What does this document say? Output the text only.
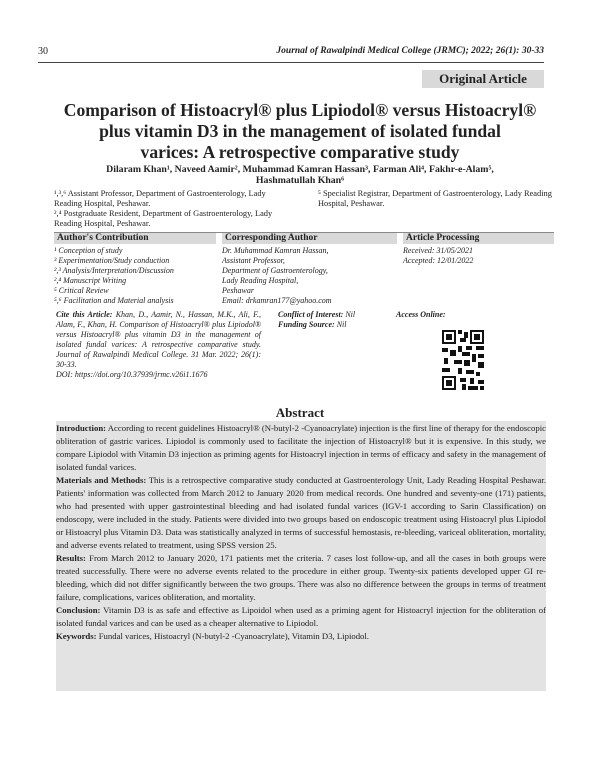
30	Journal of Rawalpindi Medical College (JRMC); 2022; 26(1): 30-33
Original Article
Comparison of Histoacryl® plus Lipiodol® versus Histoacryl®
plus vitamin D3 in the management of isolated fundal
varices: A retrospective comparative study
Dilaram Khan¹, Naveed Aamir², Muhammad Kamran Hassan³, Farman Ali⁴, Fakhr-e-Alam⁵,
Hashmatullah Khan⁶
¹,³,⁶ Assistant Professor, Department of Gastroenterology, Lady Reading Hospital, Peshawar.
²,⁴ Postgraduate Resident, Department of Gastroenterology, Lady Reading Hospital, Peshawar.
⁵ Specialist Registrar, Department of Gastroenterology, Lady Reading Hospital, Peshawar.
Author's Contribution
¹ Conception of study
³ Experimentation/Study conduction
²,³ Analysis/Interpretation/Discussion
²,⁴ Manuscript Writing
⁵ Critical Review
⁵,⁶ Facilitation and Material analysis
Corresponding Author
Dr. Muhammad Kamran Hassan,
Assistant Professor,
Department of Gastroenterology,
Lady Reading Hospital,
Peshawar
Email: drkamran177@yahoo.com
Article Processing
Received: 31/05/2021
Accepted: 12/01/2022
Cite this Article: Khan, D., Aamir, N., Hassan, M.K., Ali, F., Alam, F., Khan, H. Comparison of Histoacryl® plus Lipiodol® versus Histoacryl® plus vitamin D3 in the management of isolated fundal varices: A retrospective comparative study. Journal of Rawalpindi Medical College. 31 Mar. 2022; 26(1): 30-33.
DOI: https://doi.org/10.37939/jrmc.v26i1.1676
Conflict of Interest: Nil
Funding Source: Nil
Access Online:
Abstract

Introduction: According to recent guidelines Histoacryl® (N-butyl-2 -Cyanoacrylate) injection is the first line of therapy for the endoscopic obliteration of gastric varices. Lipiodol is commonly used to facilitate the injection of Histoacryl® but it is expensive. In this study, we compare Lipiodol with Vitamin D3 injection as priming agents for Histoacryl injection in terms of efficacy and safety in the management of isolated fundal varices.

Materials and Methods: This is a retrospective comparative study conducted at Gastroenterology Unit, Lady Reading Hospital Peshawar. Patients' information was collected from March 2012 to January 2020 from medical records. One hundred and seventy-one (171) patients, who had presented with upper gastrointestinal bleeding and had isolated fundal varices (IGV-1 according to Sarin Classification) on endoscopy, were included in the study. Patients were divided into two groups based on endoscopic treatment using Histoacryl plus Lipiodol or Histoacryl plus Vitamin D3. Data was statistically analyzed in terms of successful hemostasis, re-bleeding, variceal obliteration, mortality, and adverse events related to treatment, using SPSS version 25.

Results: From March 2012 to January 2020, 171 patients met the criteria. 7 cases lost follow-up, and all the cases in both groups were treated successfully. There were no adverse events related to the procedure in either group. Twenty-six patients developed upper GI re-bleeding, which did not differ significantly between the two groups. There was also no difference between the groups in terms of treatment failure, complications, varices obliteration, and mortality.

Conclusion: Vitamin D3 is as safe and effective as Lipoidol when used as a priming agent for Histoacryl injection for the obliteration of isolated fundal varices and can be used as a cheaper alternative to Lipiodol.

Keywords: Fundal varices, Histoacryl (N-butyl-2 -Cyanoacrylate), Vitamin D3, Lipiodol.
